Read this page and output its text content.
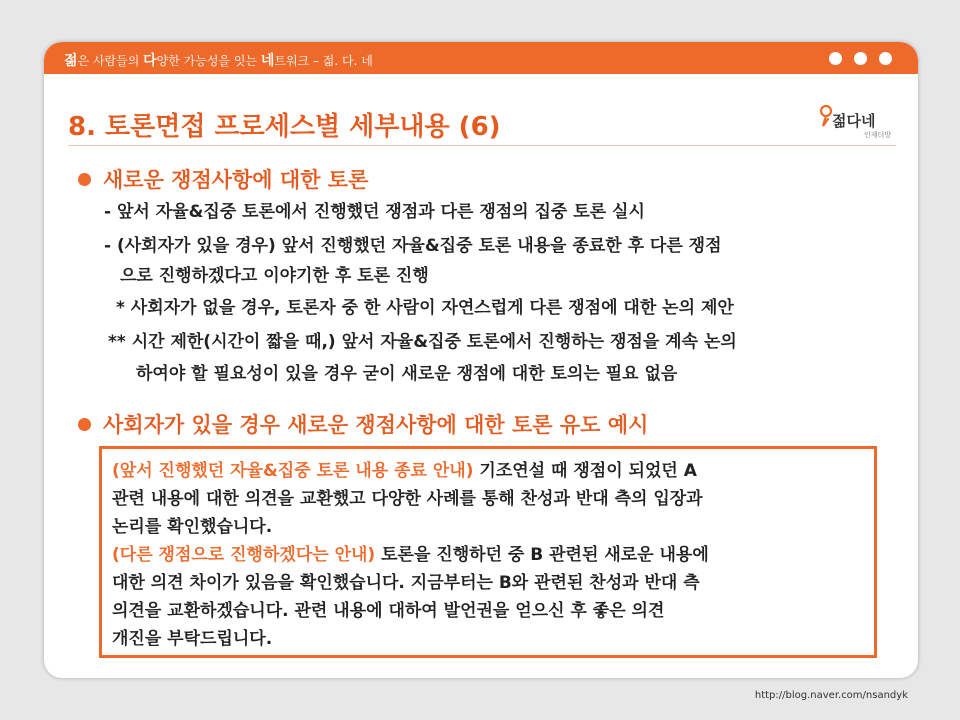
젊은 사람들의 다양한 가능성을 잇는 네트워크 – 젊. 다. 네
8. 토론면접 프로세스별 세부내용 (6)	젊다네
인재더방
새로운 쟁점사항에 대한 토론
- 앞서 자율&집중 토론에서 진행했던 쟁점과 다른 쟁점의 집중 토론 실시
- (사회자가 있을 경우) 앞서 진행했던 자율&집중 토론 내용을 종료한 후 다른 쟁점
으로 진행하겠다고 이야기한 후 토론 진행
* 사회자가 없을 경우, 토론자 중 한 사람이 자연스럽게 다른 쟁점에 대한 논의 제안
** 시간 제한(시간이 짧을 때,) 앞서 자율&집중 토론에서 진행하는 쟁점을 계속 논의
하여야 할 필요성이 있을 경우 굳이 새로운 쟁점에 대한 토의는 필요 없음
사회자가 있을 경우 새로운 쟁점사항에 대한 토론 유도 예시
(앞서 진행했던 자율&집중 토론 내용 종료 안내) 기조연설 때 쟁점이 되었던 A
관련 내용에 대한 의견을 교환했고 다양한 사례를 통해 찬성과 반대 측의 입장과
논리를 확인했습니다.
(다른 쟁점으로 진행하겠다는 안내) 토론을 진행하던 중 B 관련된 새로운 내용에
대한 의견 차이가 있음을 확인했습니다. 지금부터는 B와 관련된 찬성과 반대 측
의견을 교환하겠습니다. 관련 내용에 대하여 발언권을 얻으신 후 좋은 의견
개진을 부탁드립니다.
http://blog.naver.com/nsandyk
